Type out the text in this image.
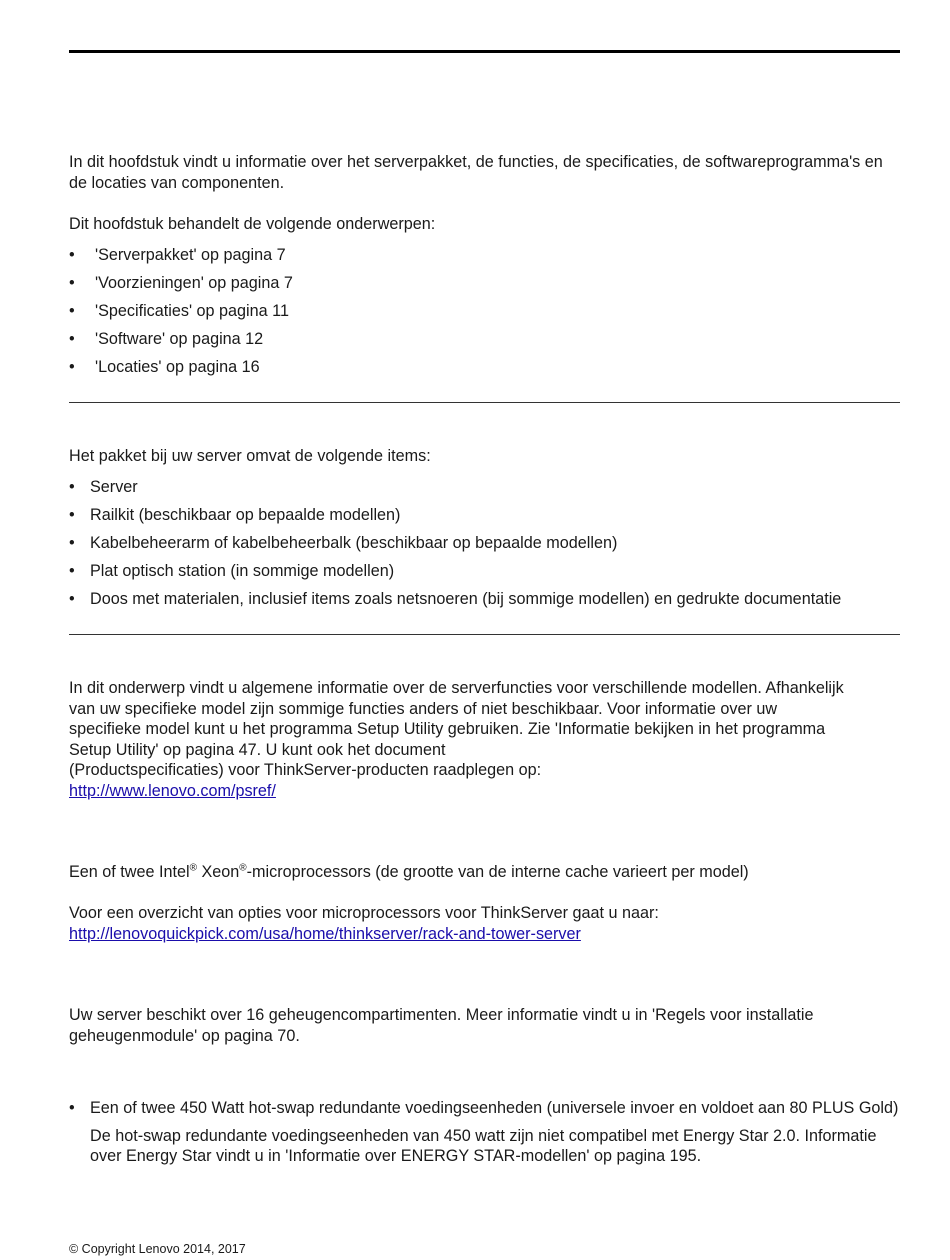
In dit hoofdstuk vindt u informatie over het serverpakket, de functies, de specificaties, de softwareprogramma's en de locaties van componenten.

Dit hoofdstuk behandelt de volgende onderwerpen:

• 'Serverpakket' op pagina 7
• 'Voorzieningen' op pagina 7
• 'Specificaties' op pagina 11
• 'Software' op pagina 12
• 'Locaties' op pagina 16

Het pakket bij uw server omvat de volgende items:

• Server
• Railkit (beschikbaar op bepaalde modellen)
• Kabelbeheerarm of kabelbeheerbalk (beschikbaar op bepaalde modellen)
• Plat optisch station (in sommige modellen)
• Doos met materialen, inclusief items zoals netsnoeren (bij sommige modellen) en gedrukte documentatie

In dit onderwerp vindt u algemene informatie over de serverfuncties voor verschillende modellen. Afhankelijk

van uw specifieke model zijn sommige functies anders of niet beschikbaar. Voor informatie over uw

specifieke model kunt u het programma Setup Utility gebruiken. Zie 'Informatie bekijken in het programma

Setup Utility' op pagina 47. U kunt ook het document

(Productspecificaties) voor ThinkServer-producten raadplegen op:

http://www.lenovo.com/psref/

Een of twee Intel® Xeon®-microprocessors (de grootte van de interne cache varieert per model)

Voor een overzicht van opties voor microprocessors voor ThinkServer gaat u naar:

http://lenovoquickpick.com/usa/home/thinkserver/rack-and-tower-server

Uw server beschikt over 16 geheugencompartimenten. Meer informatie vindt u in 'Regels voor installatie geheugenmodule' op pagina 70.

• Een of twee 450 Watt hot-swap redundante voedingseenheden (universele invoer en voldoet aan 80 PLUS Gold)

De hot-swap redundante voedingseenheden van 450 watt zijn niet compatibel met Energy Star 2.0. Informatie over Energy Star vindt u in 'Informatie over ENERGY STAR-modellen' op pagina 195.

© Copyright Lenovo 2014, 2017
